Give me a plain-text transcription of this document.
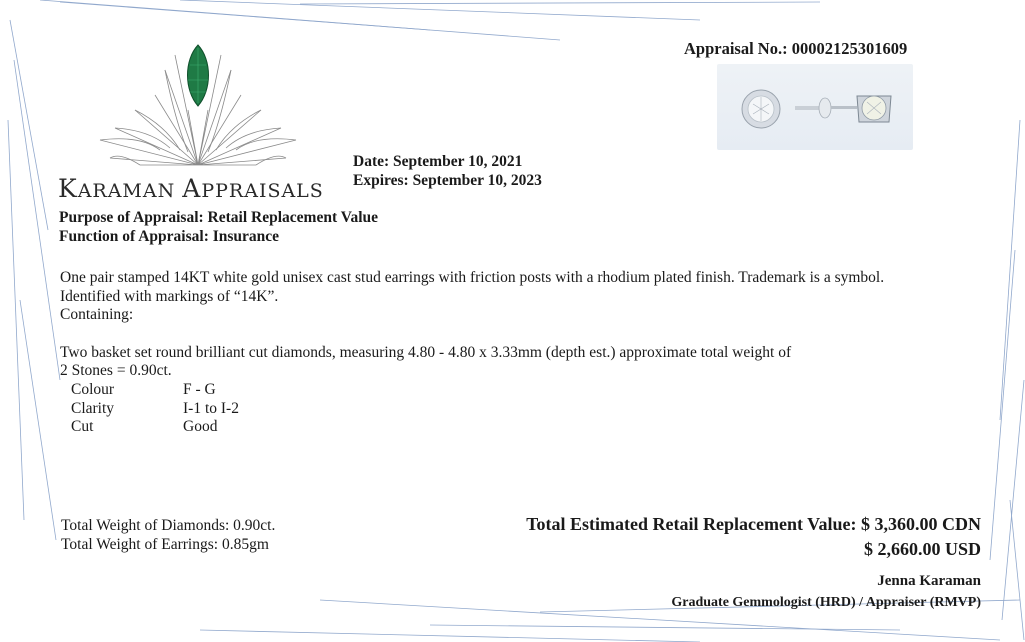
KARAMAN APPRAISALS
Appraisal No.: 00002125301609
Date: September 10, 2021
Expires: September 10, 2023
Purpose of Appraisal: Retail Replacement Value
Function of Appraisal: Insurance
One pair stamped 14KT white gold unisex cast stud earrings with friction posts with a rhodium plated finish. Trademark is a symbol.
Identified with markings of “14K”.
Containing:
Two basket set round brilliant cut diamonds, measuring 4.80 - 4.80 x 3.33mm (depth est.) approximate total weight of
2 Stones = 0.90ct.
Colour	F - G
Clarity	I-1 to I-2
Cut	Good
Total Weight of Diamonds: 0.90ct.
Total Weight of Earrings: 0.85gm
Total Estimated Retail Replacement Value: $ 3,360.00 CDN
$ 2,660.00 USD
Jenna Karaman
Graduate Gemmologist (HRD) / Appraiser (RMVP)
